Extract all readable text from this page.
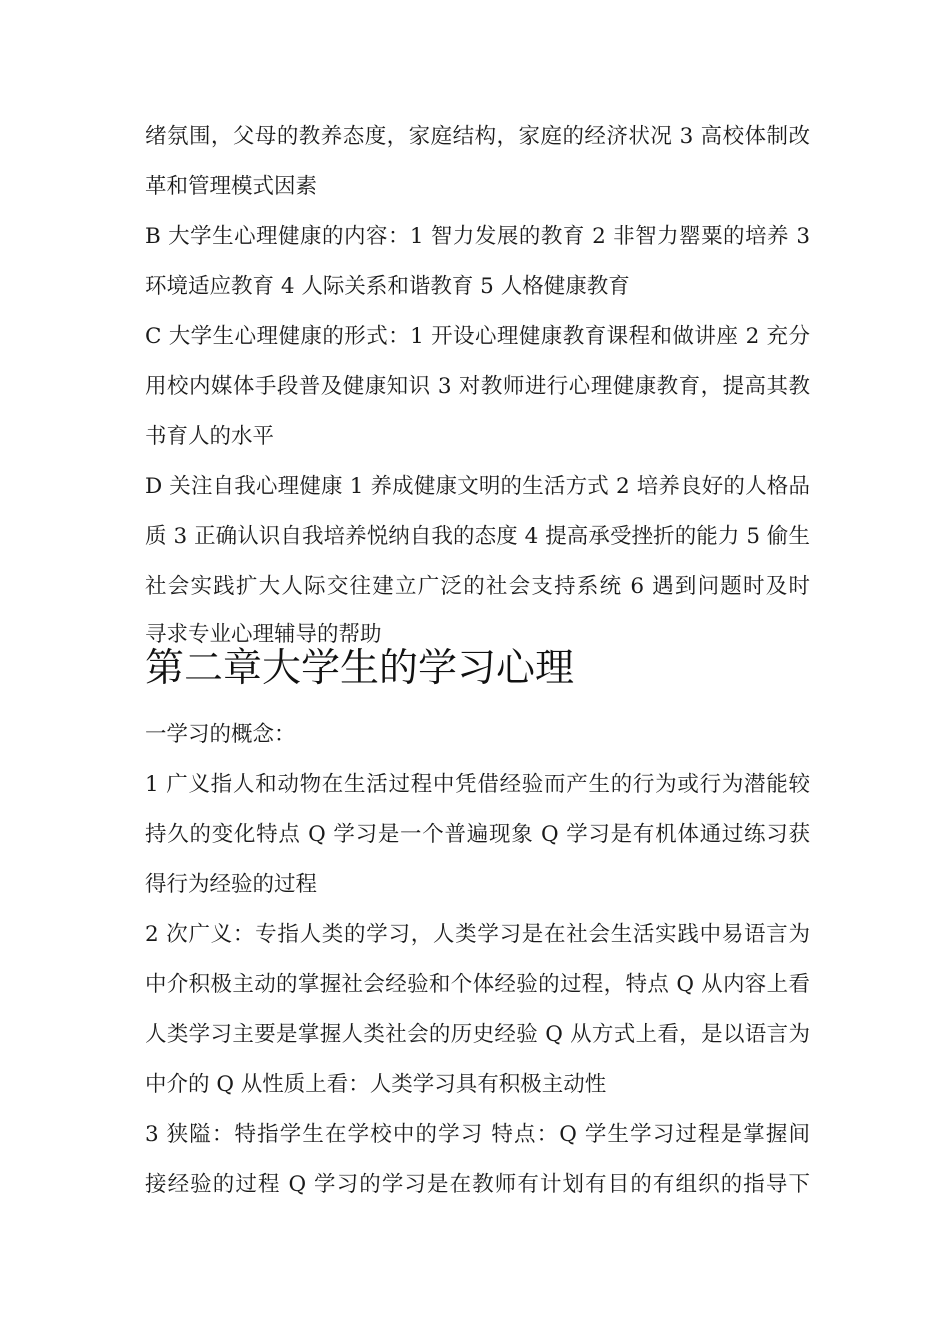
绪氛围，父母的教养态度，家庭结构，家庭的经济状况 3 高校体制改
革和管理模式因素
B 大学生心理健康的内容：1 智力发展的教育 2 非智力罂粟的培养 3
环境适应教育 4 人际关系和谐教育 5 人格健康教育
C 大学生心理健康的形式：1 开设心理健康教育课程和做讲座 2 充分
用校内媒体手段普及健康知识 3 对教师进行心理健康教育，提高其教
书育人的水平
D 关注自我心理健康 1 养成健康文明的生活方式 2 培养良好的人格品
质 3 正确认识自我培养悦纳自我的态度 4 提高承受挫折的能力 5 偷生
社会实践扩大人际交往建立广泛的社会支持系统 6 遇到问题时及时
寻求专业心理辅导的帮助
第二章大学生的学习心理
一学习的概念：
1 广义指人和动物在生活过程中凭借经验而产生的行为或行为潜能较
持久的变化特点 Q 学习是一个普遍现象 Q 学习是有机体通过练习获
得行为经验的过程
2 次广义：专指人类的学习，人类学习是在社会生活实践中易语言为
中介积极主动的掌握社会经验和个体经验的过程，特点 Q 从内容上看
人类学习主要是掌握人类社会的历史经验 Q 从方式上看，是以语言为
中介的 Q 从性质上看：人类学习具有积极主动性
3 狭隘：特指学生在学校中的学习 特点：Q 学生学习过程是掌握间
接经验的过程 Q 学习的学习是在教师有计划有目的有组织的指导下
